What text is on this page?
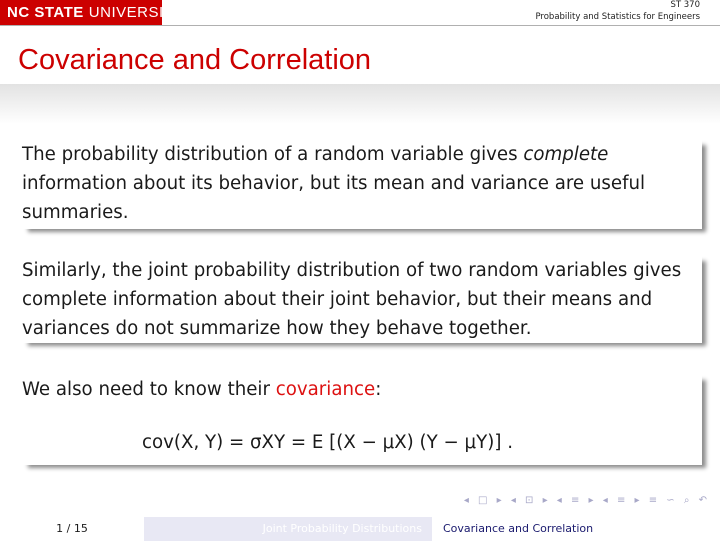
NC STATE UNIVERSITY	ST 370
Probability and Statistics for Engineers
Covariance and Correlation
The probability distribution of a random variable gives complete information about its behavior, but its mean and variance are useful summaries.
Similarly, the joint probability distribution of two random variables gives complete information about their joint behavior, but their means and variances do not summarize how they behave together.
We also need to know their covariance:
cov(X, Y) = σXY = E [(X − μX) (Y − μY)] .
◂ □ ▸ ◂ ⊡ ▸ ◂ ≡ ▸ ◂ ≡ ▸ ≡ ∽ ⌕ ↶
1 / 15	Joint Probability Distributions	Covariance and Correlation
